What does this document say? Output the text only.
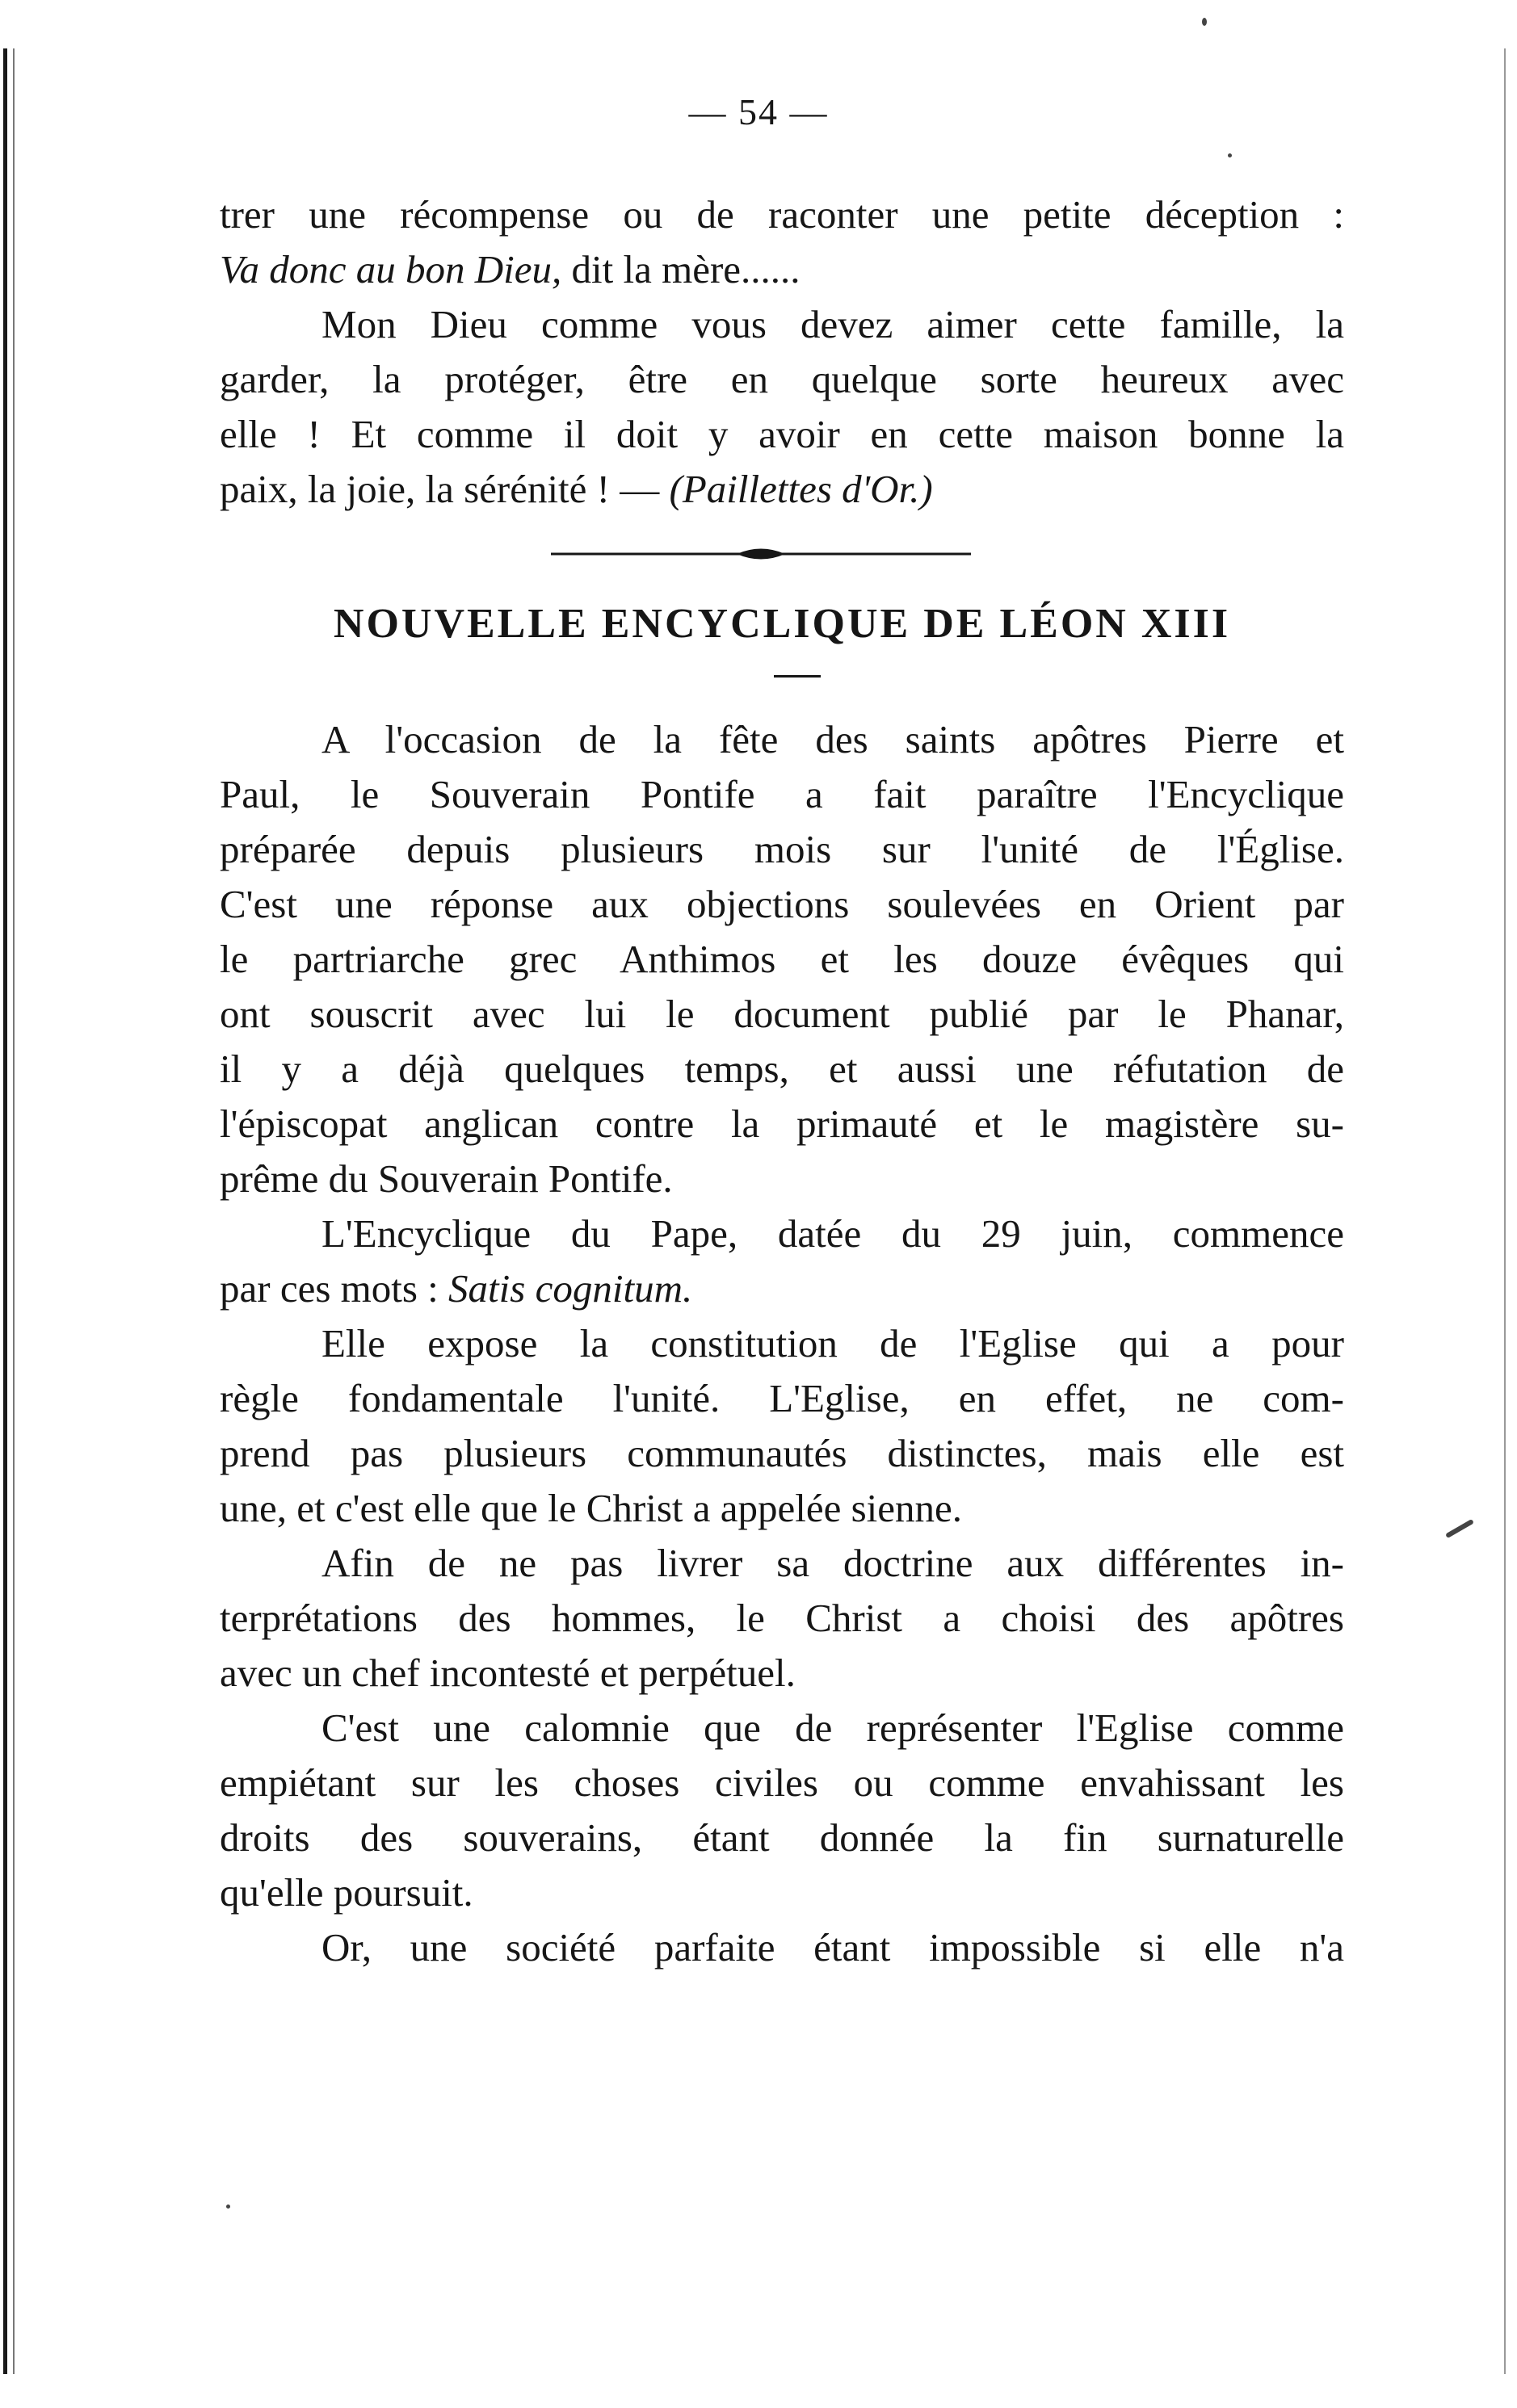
— 54 —
trer une récompense ou de raconter une petite déception :
Va donc au bon Dieu, dit la mère......
Mon Dieu comme vous devez aimer cette famille, la
garder, la protéger, être en quelque sorte heureux avec
elle ! Et comme il doit y avoir en cette maison bonne la
paix, la joie, la sérénité ! — (Paillettes d'Or.)
NOUVELLE ENCYCLIQUE DE LÉON XIII
A l'occasion de la fête des saints apôtres Pierre et
Paul, le Souverain Pontife a fait paraître l'Encyclique
préparée depuis plusieurs mois sur l'unité de l'Église.
C'est une réponse aux objections soulevées en Orient par
le partriarche grec Anthimos et les douze évêques qui
ont souscrit avec lui le document publié par le Phanar,
il y a déjà quelques temps, et aussi une réfutation de
l'épiscopat anglican contre la primauté et le magistère su-
prême du Souverain Pontife.
L'Encyclique du Pape, datée du 29 juin, commence
par ces mots : Satis cognitum.
Elle expose la constitution de l'Eglise qui a pour
règle fondamentale l'unité. L'Eglise, en effet, ne com-
prend pas plusieurs communautés distinctes, mais elle est
une, et c'est elle que le Christ a appelée sienne.
Afin de ne pas livrer sa doctrine aux différentes in-
terprétations des hommes, le Christ a choisi des apôtres
avec un chef incontesté et perpétuel.
C'est une calomnie que de représenter l'Eglise comme
empiétant sur les choses civiles ou comme envahissant les
droits des souverains, étant donnée la fin surnaturelle
qu'elle poursuit.
Or, une société parfaite étant impossible si elle n'a
